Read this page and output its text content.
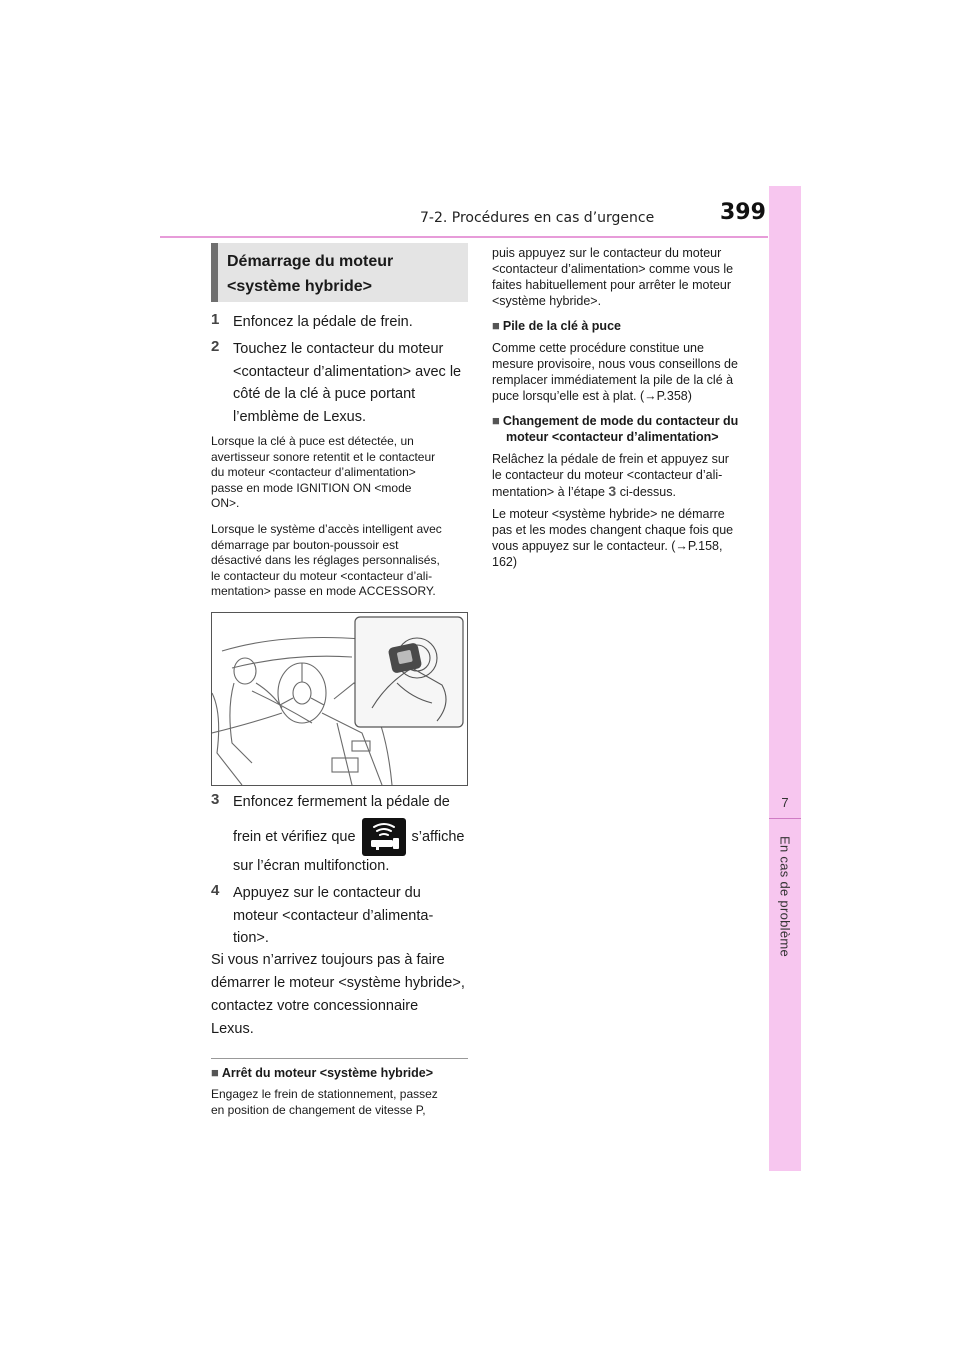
7-2. Procédures en cas d’urgence	399
7
En cas de problème
Démarrage du moteur <système hybride>
1 Enfoncez la pédale de frein.
2 Touchez le contacteur du moteur
<contacteur d’alimentation> avec le
côté de la clé à puce portant
l’emblème de Lexus.
Lorsque la clé à puce est détectée, un
avertisseur sonore retentit et le contacteur
du moteur <contacteur d’alimentation>
passe en mode IGNITION ON <mode
ON>.
Lorsque le système d’accès intelligent avec
démarrage par bouton-poussoir est
désactivé dans les réglages personnalisés,
le contacteur du moteur <contacteur d’ali-
mentation> passe en mode ACCESSORY.
3 Enfoncez fermement la pédale de
frein et vérifiez que	s’affiche
sur l’écran multifonction.
4 Appuyez sur le contacteur du
moteur <contacteur d’alimenta-
tion>.
Si vous n’arrivez toujours pas à faire
démarrer le moteur <système hybride>,
contactez votre concessionnaire
Lexus.
■ Arrêt du moteur <système hybride>
Engagez le frein de stationnement, passez
en position de changement de vitesse P,
puis appuyez sur le contacteur du moteur
<contacteur d’alimentation> comme vous le
faites habituellement pour arrêter le moteur
<système hybride>.
■ Pile de la clé à puce
Comme cette procédure constitue une
mesure provisoire, nous vous conseillons de
remplacer immédiatement la pile de la clé à
puce lorsqu’elle est à plat. (→P.358)
■ Changement de mode du contacteur du
moteur <contacteur d’alimentation>
Relâchez la pédale de frein et appuyez sur
le contacteur du moteur <contacteur d’ali-
mentation> à l’étape 3 ci-dessus.
Le moteur <système hybride> ne démarre
pas et les modes changent chaque fois que
vous appuyez sur le contacteur. (→P.158,
162)
